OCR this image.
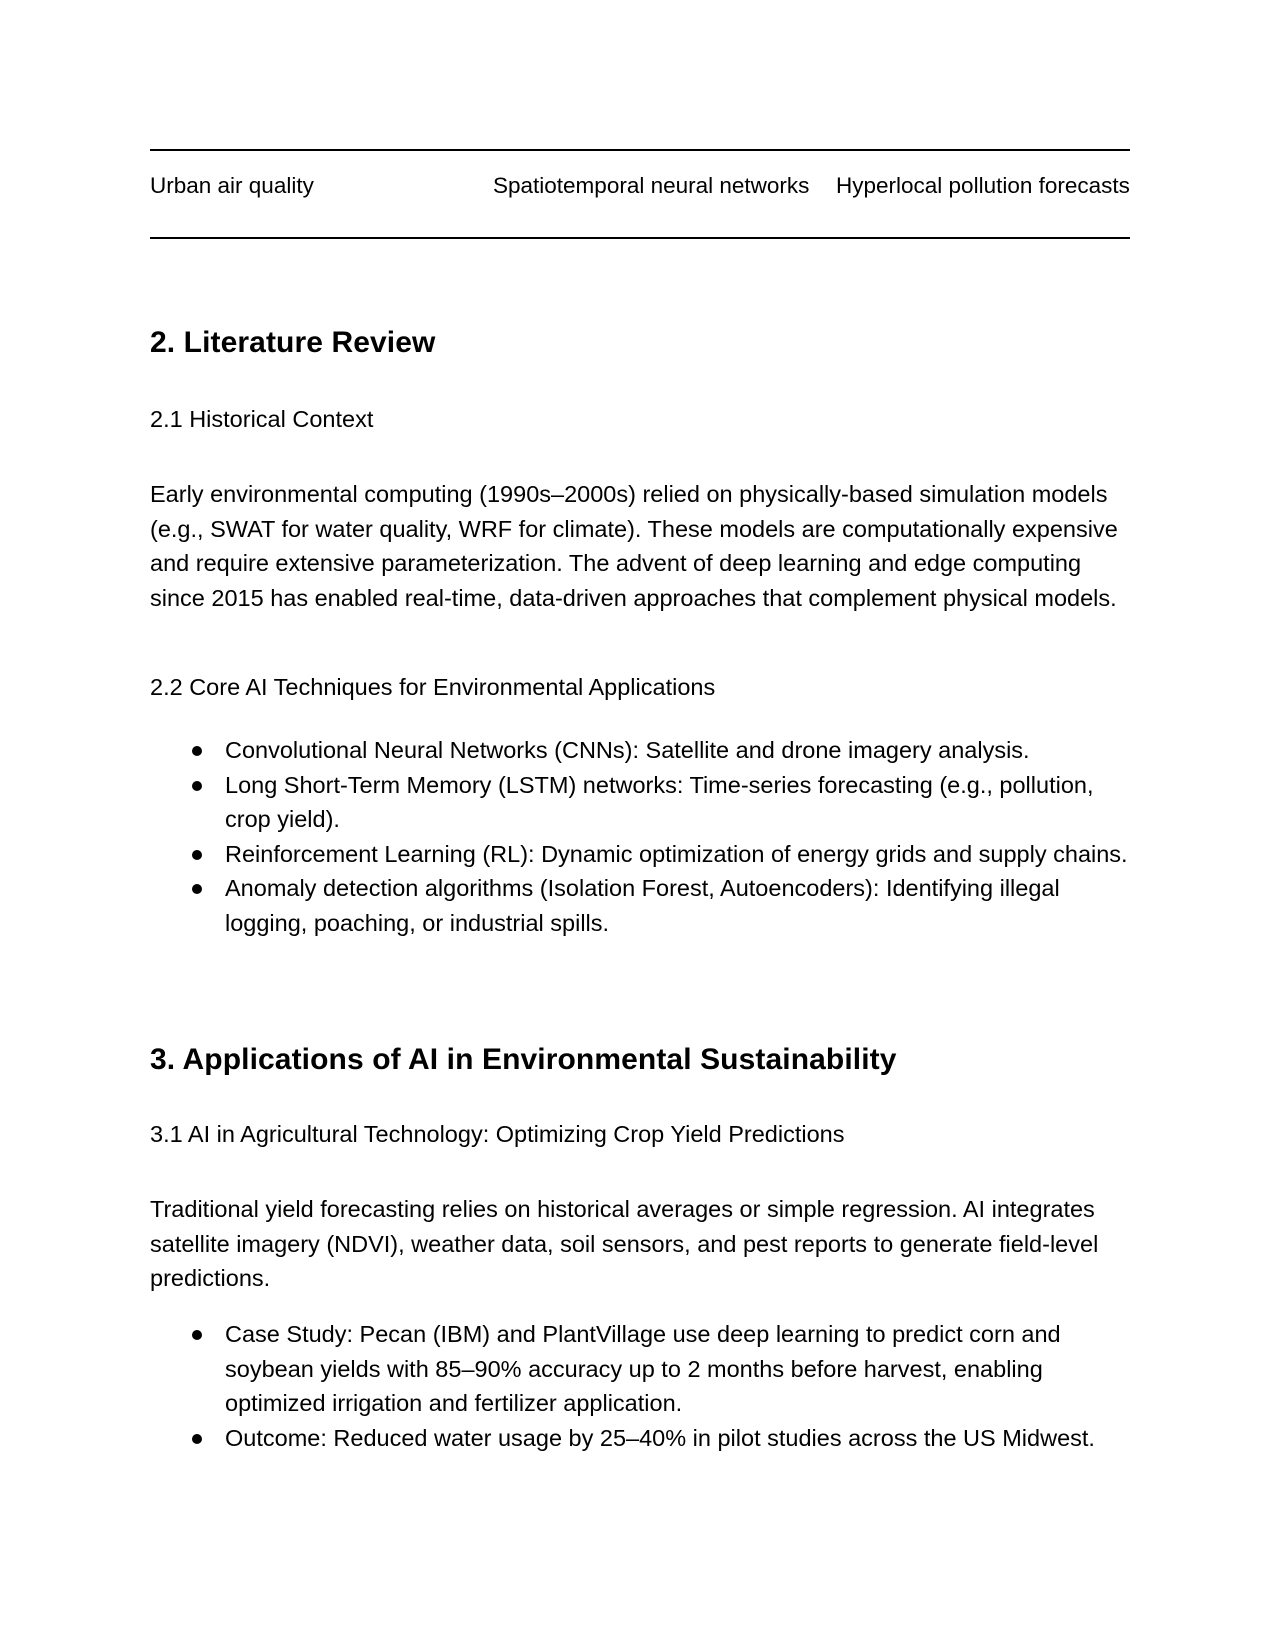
Urban air quality	Spatiotemporal neural networks	Hyperlocal pollution forecasts
2. Literature Review

2.1 Historical Context

Early environmental computing (1990s–2000s) relied on physically-based simulation models (e.g., SWAT for water quality, WRF for climate). These models are computationally expensive and require extensive parameterization. The advent of deep learning and edge computing since 2015 has enabled real-time, data-driven approaches that complement physical models.

2.2 Core AI Techniques for Environmental Applications

Convolutional Neural Networks (CNNs): Satellite and drone imagery analysis.
Long Short-Term Memory (LSTM) networks: Time-series forecasting (e.g., pollution, crop yield).
Reinforcement Learning (RL): Dynamic optimization of energy grids and supply chains.
Anomaly detection algorithms (Isolation Forest, Autoencoders): Identifying illegal logging, poaching, or industrial spills.
3. Applications of AI in Environmental Sustainability

3.1 AI in Agricultural Technology: Optimizing Crop Yield Predictions

Traditional yield forecasting relies on historical averages or simple regression. AI integrates satellite imagery (NDVI), weather data, soil sensors, and pest reports to generate field-level predictions.

Case Study: Pecan (IBM) and PlantVillage use deep learning to predict corn and soybean yields with 85–90% accuracy up to 2 months before harvest, enabling optimized irrigation and fertilizer application.
Outcome: Reduced water usage by 25–40% in pilot studies across the US Midwest.
